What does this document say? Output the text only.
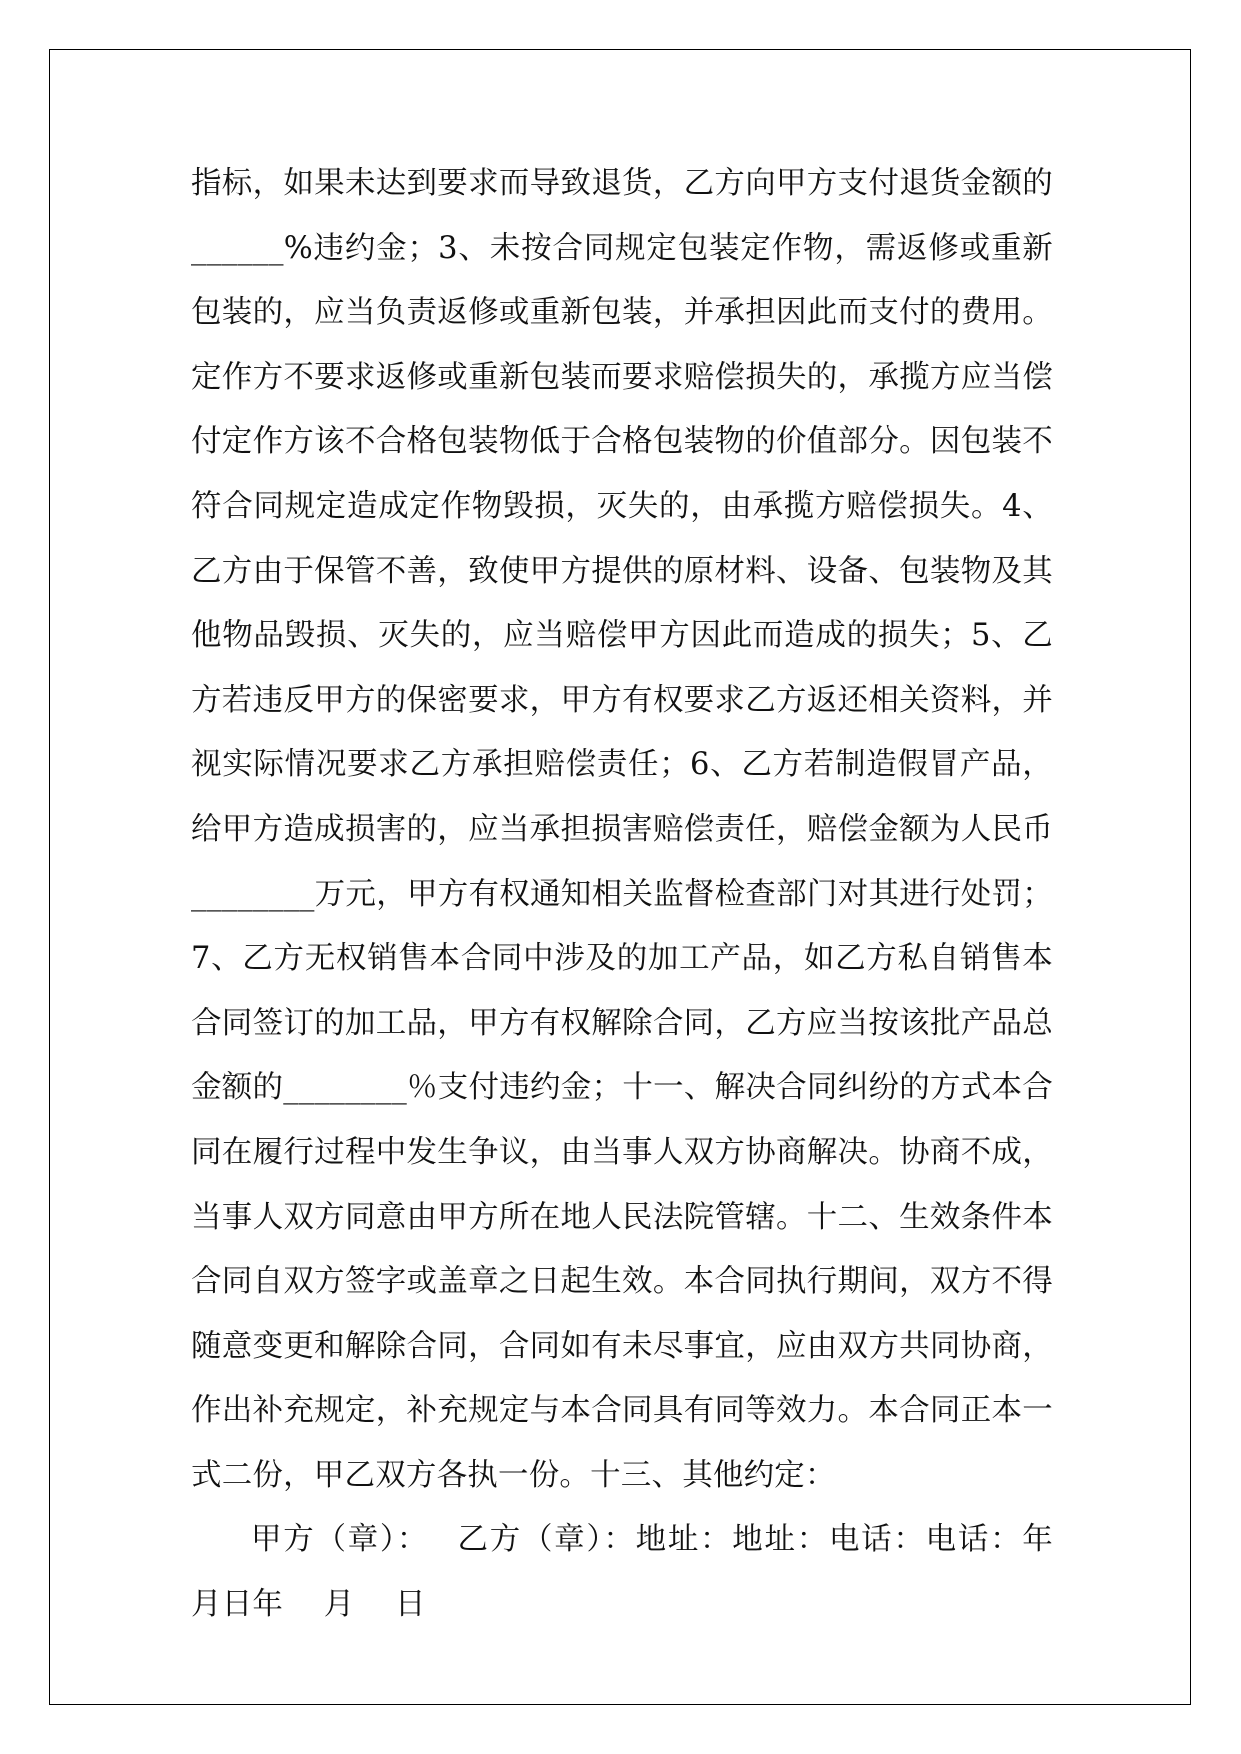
指标，如果未达到要求而导致退货，乙方向甲方支付退货金额的______%违约金；3、未按合同规定包装定作物，需返修或重新包装的，应当负责返修或重新包装，并承担因此而支付的费用。定作方不要求返修或重新包装而要求赔偿损失的，承揽方应当偿付定作方该不合格包装物低于合格包装物的价值部分。因包装不符合同规定造成定作物毁损，灭失的，由承揽方赔偿损失。4、乙方由于保管不善，致使甲方提供的原材料、设备、包装物及其他物品毁损、灭失的，应当赔偿甲方因此而造成的损失；5、乙方若违反甲方的保密要求，甲方有权要求乙方返还相关资料，并视实际情况要求乙方承担赔偿责任；6、乙方若制造假冒产品，给甲方造成损害的，应当承担损害赔偿责任，赔偿金额为人民币________万元，甲方有权通知相关监督检查部门对其进行处罚；7、乙方无权销售本合同中涉及的加工产品，如乙方私自销售本合同签订的加工品，甲方有权解除合同，乙方应当按该批产品总金额的________％支付违约金；十一、解决合同纠纷的方式本合同在履行过程中发生争议，由当事人双方协商解决。协商不成，当事人双方同意由甲方所在地人民法院管辖。十二、生效条件本合同自双方签字或盖章之日起生效。本合同执行期间，双方不得随意变更和解除合同，合同如有未尽事宜，应由双方共同协商，作出补充规定，补充规定与本合同具有同等效力。本合同正本一式二份，甲乙双方各执一份。十三、其他约定：

甲方（章）：　 乙方（章）：地址：地址：电话：电话：年　 月日年　 月　 日
